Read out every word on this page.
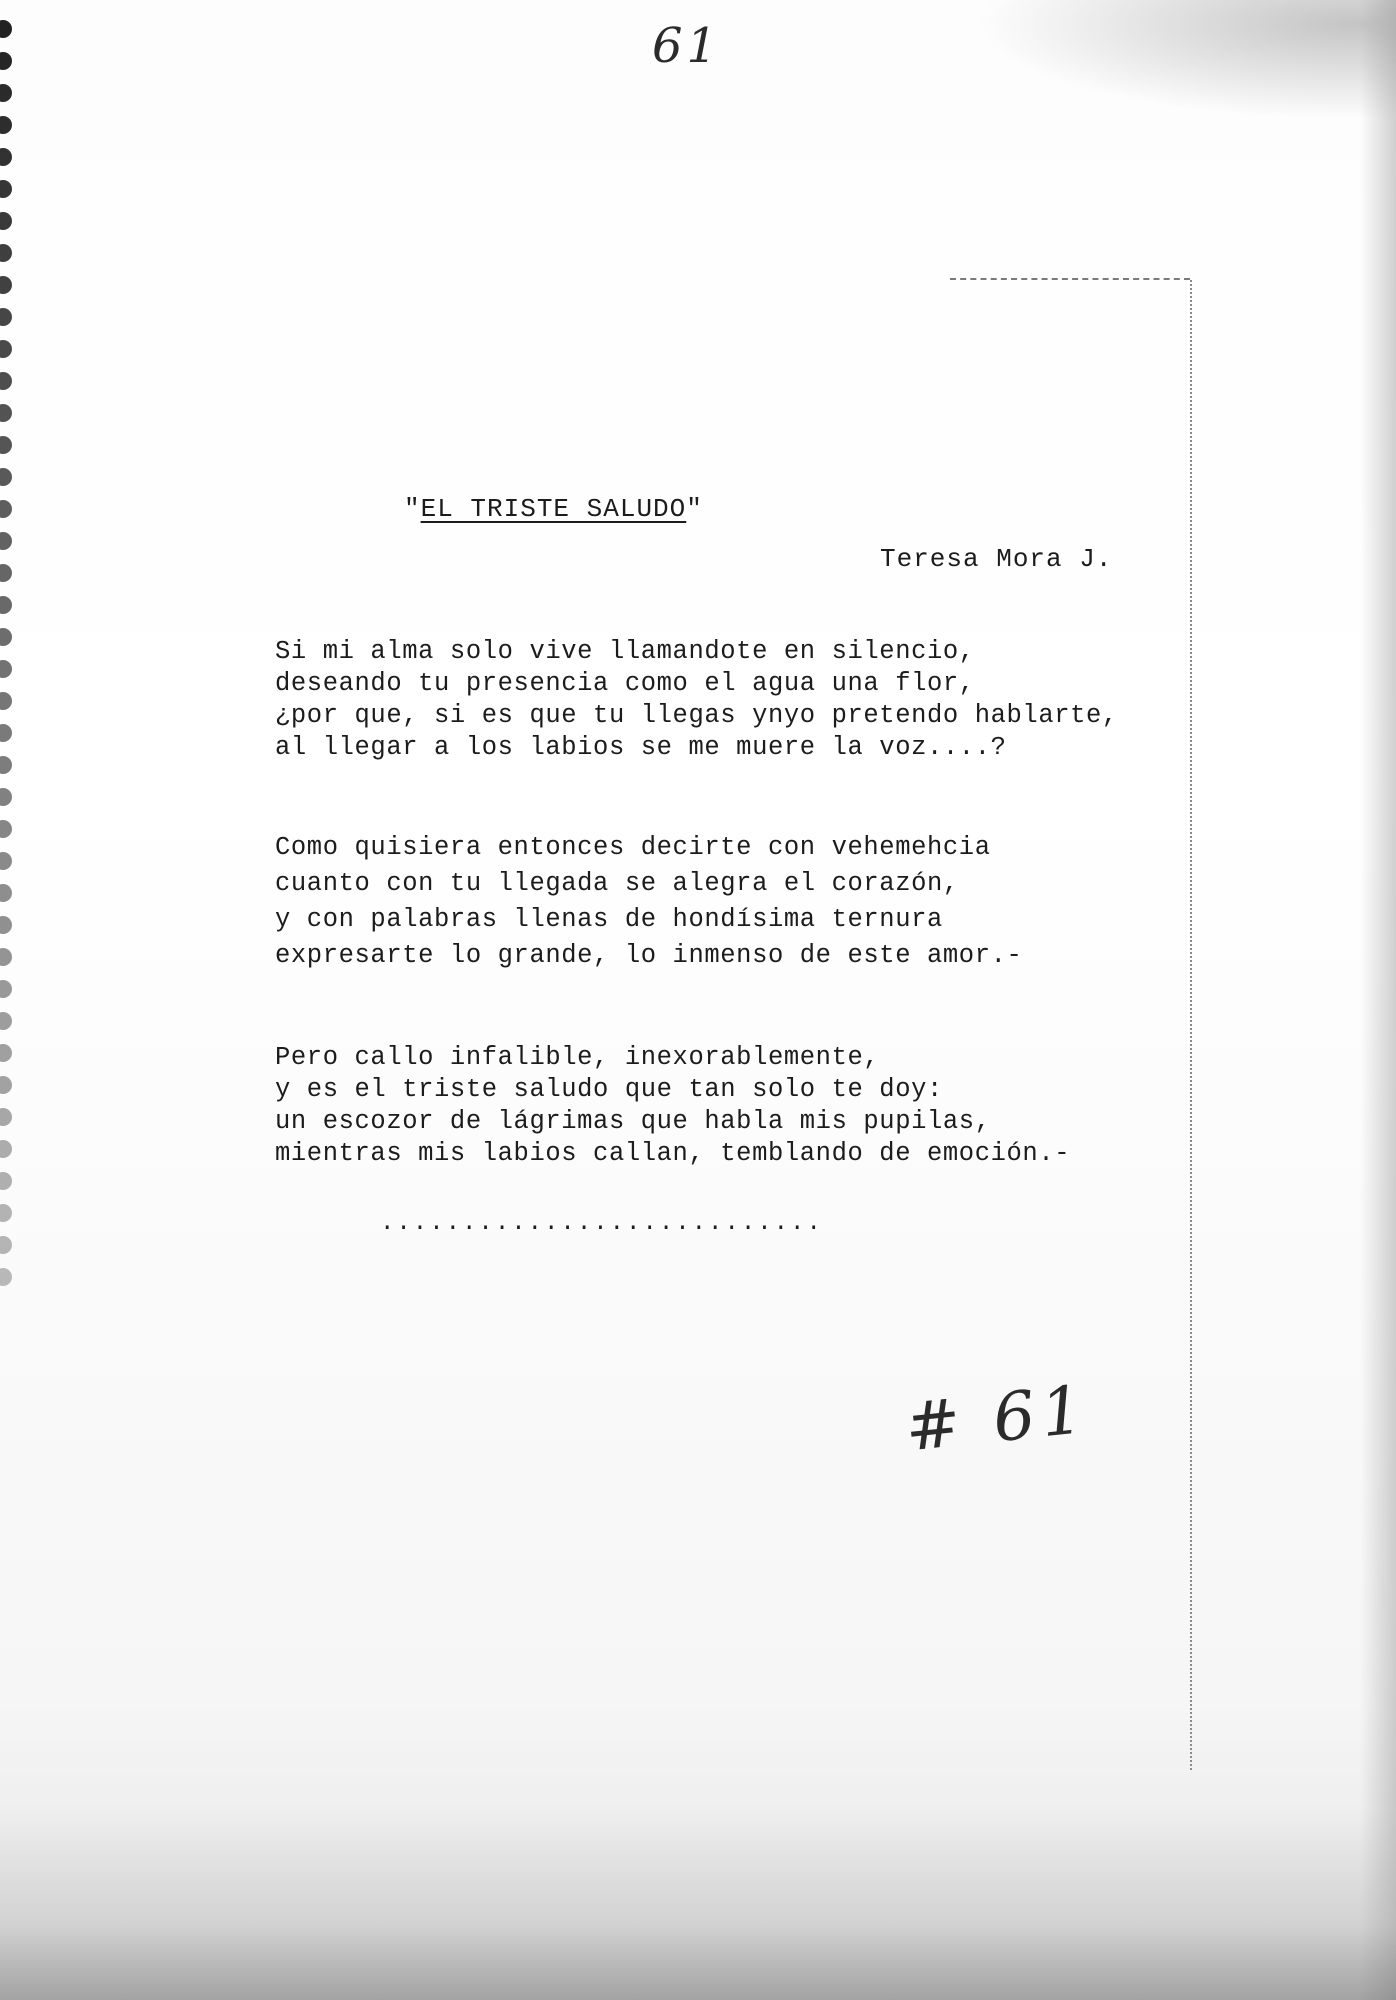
61
"EL TRISTE SALUDO"
Teresa Mora J.
Si mi alma solo vive llamandote en silencio,
deseando tu presencia como el agua una flor,
¿por que, si es que tu llegas ynyo pretendo hablarte,
al llegar a los labios se me muere la voz....?
Como quisiera entonces decirte con vehemehcia
cuanto con tu llegada se alegra el corazón,
y con palabras llenas de hondísima ternura
expresarte lo grande, lo inmenso de este amor.-
Pero callo infalible, inexorablemente,
y es el triste saludo que tan solo te doy:
un escozor de lágrimas que habla mis pupilas,
mientras mis labios callan, temblando de emoción.-
...........................
# 61
